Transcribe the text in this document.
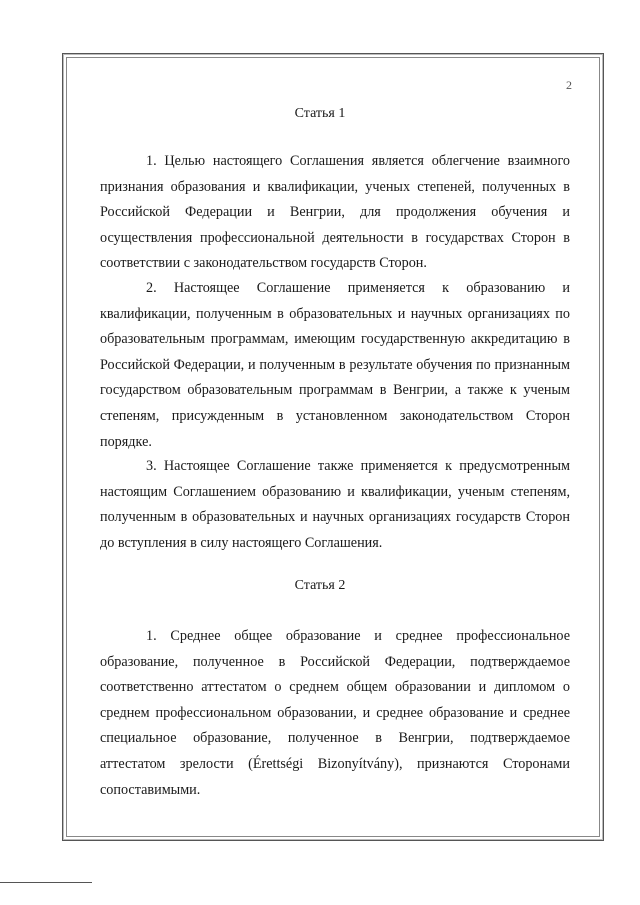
2
Статья 1

1. Целью настоящего Соглашения является облегчение взаимного признания образования и квалификации, ученых степеней, полученных в Российской Федерации и Венгрии, для продолжения обучения и осуществления профессиональной деятельности в государствах Сторон в соответствии с законодательством государств Сторон.

2. Настоящее Соглашение применяется к образованию и квалификации, полученным в образовательных и научных организациях по образовательным программам, имеющим государственную аккредитацию в Российской Федерации, и полученным в результате обучения по признанным государством образовательным программам в Венгрии, а также к ученым степеням, присужденным в установленном законодательством Сторон порядке.

3. Настоящее Соглашение также применяется к предусмотренным настоящим Соглашением образованию и квалификации, ученым степеням, полученным в образовательных и научных организациях государств Сторон до вступления в силу настоящего Соглашения.

Статья 2

1. Среднее общее образование и среднее профессиональное образование, полученное в Российской Федерации, подтверждаемое соответственно аттестатом о среднем общем образовании и дипломом о среднем профессиональном образовании, и среднее образование и среднее специальное образование, полученное в Венгрии, подтверждаемое аттестатом зрелости (Érettségi Bizonyítvány), признаются Сторонами сопоставимыми.
